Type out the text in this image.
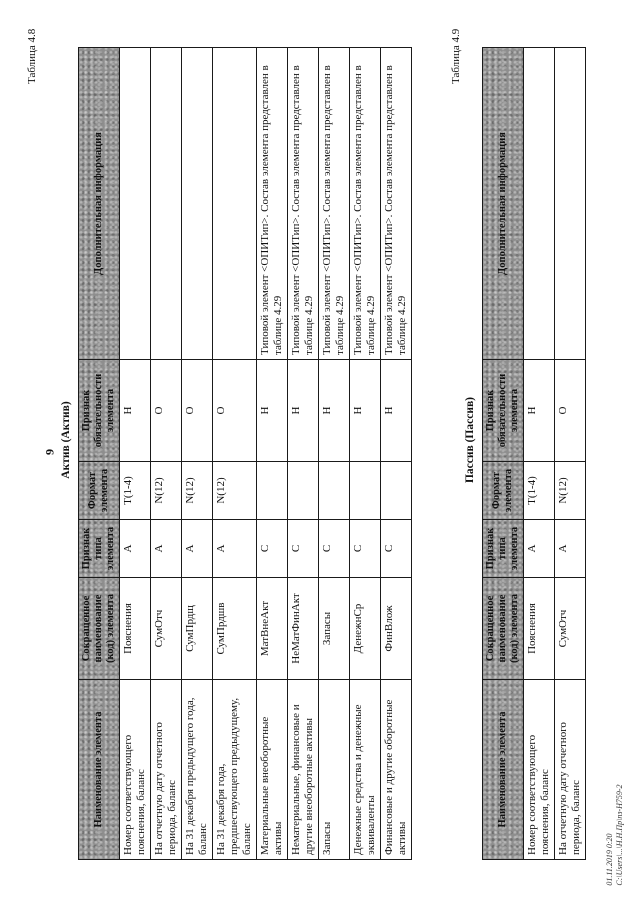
9
Таблица 4.8
Актив (Актив)
Наименование элемента	Сокращенное наименование (код) элемента	Признак типа элемента	Формат элемента	Признак обязательности элемента	Дополнительная информация
Номер соответствующего пояснения, баланс	Пояснения	А	T(1-4)	Н	
На отчетную дату отчетного периода, баланс	СумОтч	А	N(12)	О	
На 31 декабря предыдущего года, баланс	СумПрдщ	А	N(12)	О	
На 31 декабря года, предшествующего предыдущему, баланс	СумПрдшв	А	N(12)	О	
Материальные внеоборотные активы	МатВнеАкт	С		Н	Типовой элемент <ОПИТип>. Состав элемента представлен в таблице 4.29
Нематериальные, финансовые и другие внеоборотные активы	НеМатФинАкт	С		Н	Типовой элемент <ОПИТип>. Состав элемента представлен в таблице 4.29
Запасы	Запасы	С		Н	Типовой элемент <ОПИТип>. Состав элемента представлен в таблице 4.29
Денежные средства и денежные эквиваленты	ДенежнСр	С		Н	Типовой элемент <ОПИТип>. Состав элемента представлен в таблице 4.29
Финансовые и другие оборотные активы	ФинВлож	С		Н	Типовой элемент <ОПИТип>. Состав элемента представлен в таблице 4.29
Таблица 4.9
Пассив (Пассив)
Наименование элемента	Сокращенное наименование (код) элемента	Признак типа элемента	Формат элемента	Признак обязательности элемента	Дополнительная информация
Номер соответствующего пояснения, баланс	Пояснения	А	T(1-4)	Н	
На отчетную дату отчетного периода, баланс	СумОтч	А	N(12)	О	
01.11.2019 0:20 C:\Users\...\Н.Н.Пр\пз-Н759-2
